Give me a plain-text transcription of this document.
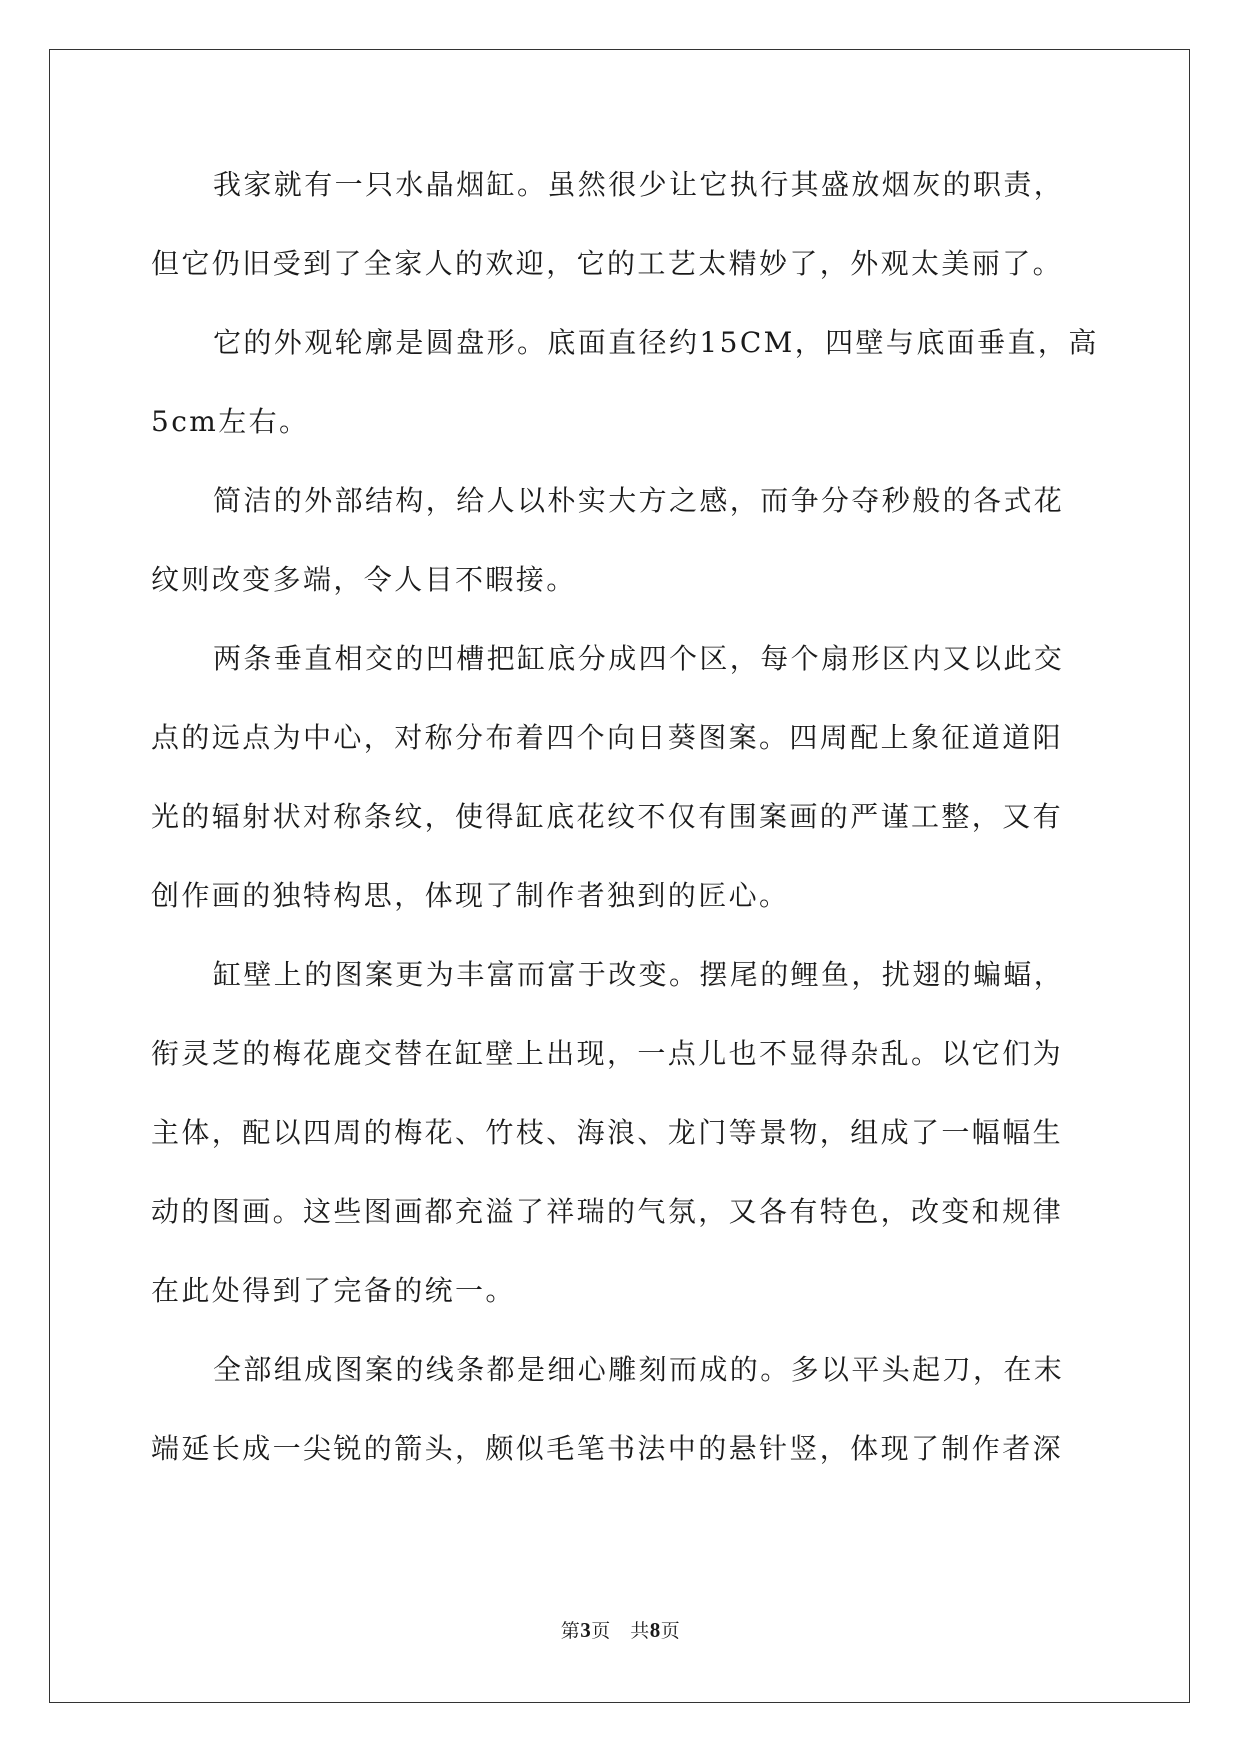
我家就有一只水晶烟缸。虽然很少让它执行其盛放烟灰的职责，
但它仍旧受到了全家人的欢迎，它的工艺太精妙了，外观太美丽了。
它的外观轮廓是圆盘形。底面直径约15CM，四壁与底面垂直，高
5cm左右。
简洁的外部结构，给人以朴实大方之感，而争分夺秒般的各式花
纹则改变多端，令人目不暇接。
两条垂直相交的凹槽把缸底分成四个区，每个扇形区内又以此交
点的远点为中心，对称分布着四个向日葵图案。四周配上象征道道阳
光的辐射状对称条纹，使得缸底花纹不仅有围案画的严谨工整，又有
创作画的独特构思，体现了制作者独到的匠心。
缸壁上的图案更为丰富而富于改变。摆尾的鲤鱼，扰翅的蝙蝠，
衔灵芝的梅花鹿交替在缸壁上出现，一点儿也不显得杂乱。以它们为
主体，配以四周的梅花、竹枝、海浪、龙门等景物，组成了一幅幅生
动的图画。这些图画都充溢了祥瑞的气氛，又各有特色，改变和规律
在此处得到了完备的统一。
全部组成图案的线条都是细心雕刻而成的。多以平头起刀，在末
端延长成一尖锐的箭头，颇似毛笔书法中的悬针竖，体现了制作者深
第3页　共8页
